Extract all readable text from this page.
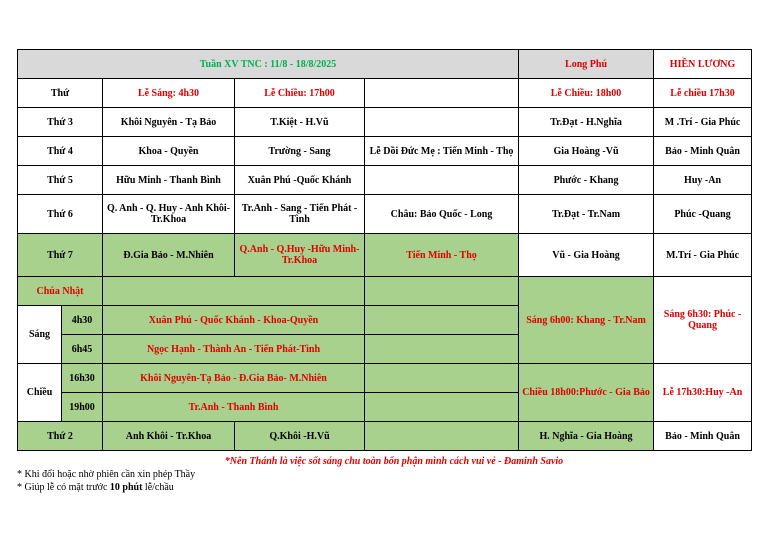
Tuần XV TNC : 11/8 - 18/8/2025					Long Phú	HIỀN LƯƠNG
Thứ		Lễ Sáng: 4h30	Lễ Chiều: 17h00		Lễ Chiều: 18h00	Lễ chiều 17h30
Thứ 3		Khôi Nguyên - Tạ Bảo	T.Kiệt - H.Vũ		Tr.Đạt - H.Nghĩa	M .Trí - Gia Phúc
Thứ 4		Khoa - Quyền	Trường - Sang	Lễ Dồi Đức Mẹ : Tiến Minh - Thọ	Gia Hoàng -Vũ	Bảo - Minh Quân
Thứ 5		Hữu Minh - Thanh Bình	Xuân Phú -Quốc Khánh		Phước - Khang	Huy -An
Thứ 6		Q. Anh - Q. Huy - Anh Khôi-Tr.Khoa	Tr.Anh - Sang - Tiến Phát - Tình	Châu: Bảo Quốc - Long	Tr.Đạt - Tr.Nam	Phúc -Quang
Thứ 7		Đ.Gia Bảo - M.Nhiên	Q.Anh - Q.Huy -Hữu Minh-Tr.Khoa	Tiến Minh - Thọ	Vũ - Gia Hoàng	M.Trí - Gia Phúc
Chúa Nhật					Sáng 6h00: Khang - Tr.Nam	Sáng 6h30: Phúc - Quang
Sáng	4h30	Xuân Phú - Quốc Khánh - Khoa-Quyền				
	6h45	Ngọc Hạnh - Thành An - Tiến Phát-Tình				
Chiều	16h30	Khôi Nguyên-Tạ Bảo - Đ.Gia Bảo- M.Nhiên			Chiều 18h00:Phước - Gia Bảo	Lễ 17h30:Huy -An
	19h00	Tr.Anh - Thanh Bình				
Thứ 2		Anh Khôi - Tr.Khoa	Q.Khôi -H.Vũ		H. Nghĩa - Gia Hoàng	Bảo - Minh Quân
*Nên Thánh là việc sốt sáng chu toàn bổn phận mình cách vui vẻ - Đaminh Savio
* Khi đổi hoặc nhờ phiên cần xin phép Thầy
* Giúp lễ có mặt trước 10 phút lễ/chầu
